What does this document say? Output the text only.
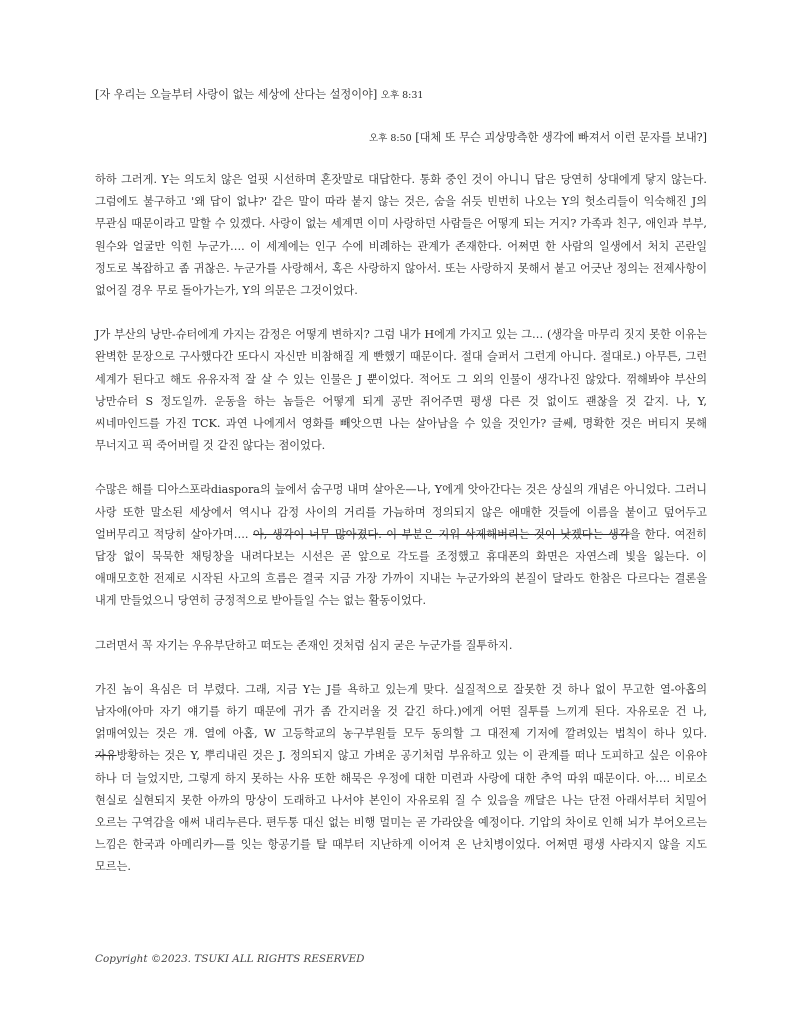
[자 우리는 오늘부터 사랑이 없는 세상에 산다는 설정이야] 오후 8:31

오후 8:50 [대체 또 무슨 괴상망측한 생각에 빠져서 이런 문자를 보내?]

하하 그러게. Y는 의도치 않은 얼핏 시선하며 혼잣말로 대답한다. 통화 중인 것이 아니니 답은 당연히 상대에게 닿지 않는다. 그럼에도 불구하고 '왜 답이 없냐?' 같은 말이 따라 붙지 않는 것은, 숨을 쉬듯 빈번히 나오는 Y의 헛소리들이 익숙해진 J의 무관심 때문이라고 말할 수 있겠다. 사랑이 없는 세계면 이미 사랑하던 사람들은 어떻게 되는 거지? 가족과 친구, 애인과 부부, 원수와 얼굴만 익힌 누군가…. 이 세계에는 인구 수에 비례하는 관계가 존재한다. 어쩌면 한 사람의 일생에서 처치 곤란일 정도로 복잡하고 좀 귀찮은. 누군가를 사랑해서, 혹은 사랑하지 않아서. 또는 사랑하지 못해서 붙고 어긋난 정의는 전제사항이 없어질 경우 무로 돌아가는가, Y의 의문은 그것이었다.

J가 부산의 낭만-슈터에게 가지는 감정은 어떻게 변하지? 그럼 내가 H에게 가지고 있는 그… (생각을 마무리 짓지 못한 이유는 완벽한 문장으로 구사했다간 또다시 자신만 비참해질 게 빤했기 때문이다. 절대 슬퍼서 그런게 아니다. 절대로.) 아무튼, 그런 세계가 된다고 해도 유유자적 잘 살 수 있는 인물은 J 뿐이었다. 적어도 그 외의 인물이 생각나진 않았다. 꺾해봐야 부산의 낭만슈터 S 정도일까. 운동을 하는 놈들은 어떻게 되게 공만 쥐어주면 평생 다른 것 없이도 괜찮을 것 같지. 나, Y, 씨네마인드를 가진 TCK. 과연 나에게서 영화를 빼앗으면 나는 살아남을 수 있을 것인가? 글쎄, 명확한 것은 버티지 못해 무너지고 픽 죽어버릴 것 같진 않다는 점이었다.

수많은 해를 디아스포라diaspora의 늪에서 숨구멍 내며 살아온—나, Y에게 앗아간다는 것은 상실의 개념은 아니었다. 그러니 사랑 또한 말소된 세상에서 역시나 감정 사이의 거리를 가늠하며 정의되지 않은 애매한 것들에 이름을 붙이고 덮어두고 얼버무리고 적당히 살아가며…. 아, 생각이 너무 많아졌다. 이 부분은 지워 삭제해버리는 것이 낫겠다는 생각을 한다. 여전히 답장 없이 묵묵한 채팅창을 내려다보는 시선은 곧 앞으로 각도를 조정했고 휴대폰의 화면은 자연스레 빛을 잃는다. 이 애매모호한 전제로 시작된 사고의 흐름은 결국 지금 가장 가까이 지내는 누군가와의 본질이 달라도 한참은 다르다는 결론을 내게 만들었으니 당연히 긍정적으로 받아들일 수는 없는 활동이었다.

그러면서 꼭 자기는 우유부단하고 떠도는 존재인 것처럼 심지 굳은 누군가를 질투하지.

가진 놈이 욕심은 더 부렸다. 그래, 지금 Y는 J를 욕하고 있는게 맞다. 실질적으로 잘못한 것 하나 없이 무고한 열-아홉의 남자애(아마 자기 얘기를 하기 때문에 귀가 좀 간지러울 것 같긴 하다.)에게 어떤 질투를 느끼게 된다. 자유로운 건 나, 얽매여있는 것은 걔. 열에 아홉, W 고등학교의 농구부원들 모두 동의할 그 대전제 기저에 깔려있는 법칙이 하나 있다. 자유방황하는 것은 Y, 뿌리내린 것은 J. 정의되지 않고 가벼운 공기처럼 부유하고 있는 이 관계를 떠나 도피하고 싶은 이유야 하나 더 늘었지만, 그렇게 하지 못하는 사유 또한 해묵은 우정에 대한 미련과 사랑에 대한 추억 따위 때문이다. 아…. 비로소 현실로 실현되지 못한 아까의 망상이 도래하고 나서야 본인이 자유로워 질 수 있음을 깨달은 나는 단전 아래서부터 치밀어 오르는 구역감을 애써 내리누른다. 편두통 대신 없는 비행 멀미는 곧 가라앉을 예정이다. 기압의 차이로 인해 뇌가 부어오르는 느낌은 한국과 아메리카—를 잇는 항공기를 탈 때부터 지난하게 이어져 온 난치병이었다. 어쩌면 평생 사라지지 않을 지도 모르는.

Copyright ©2023. TSUKI ALL RIGHTS RESERVED
